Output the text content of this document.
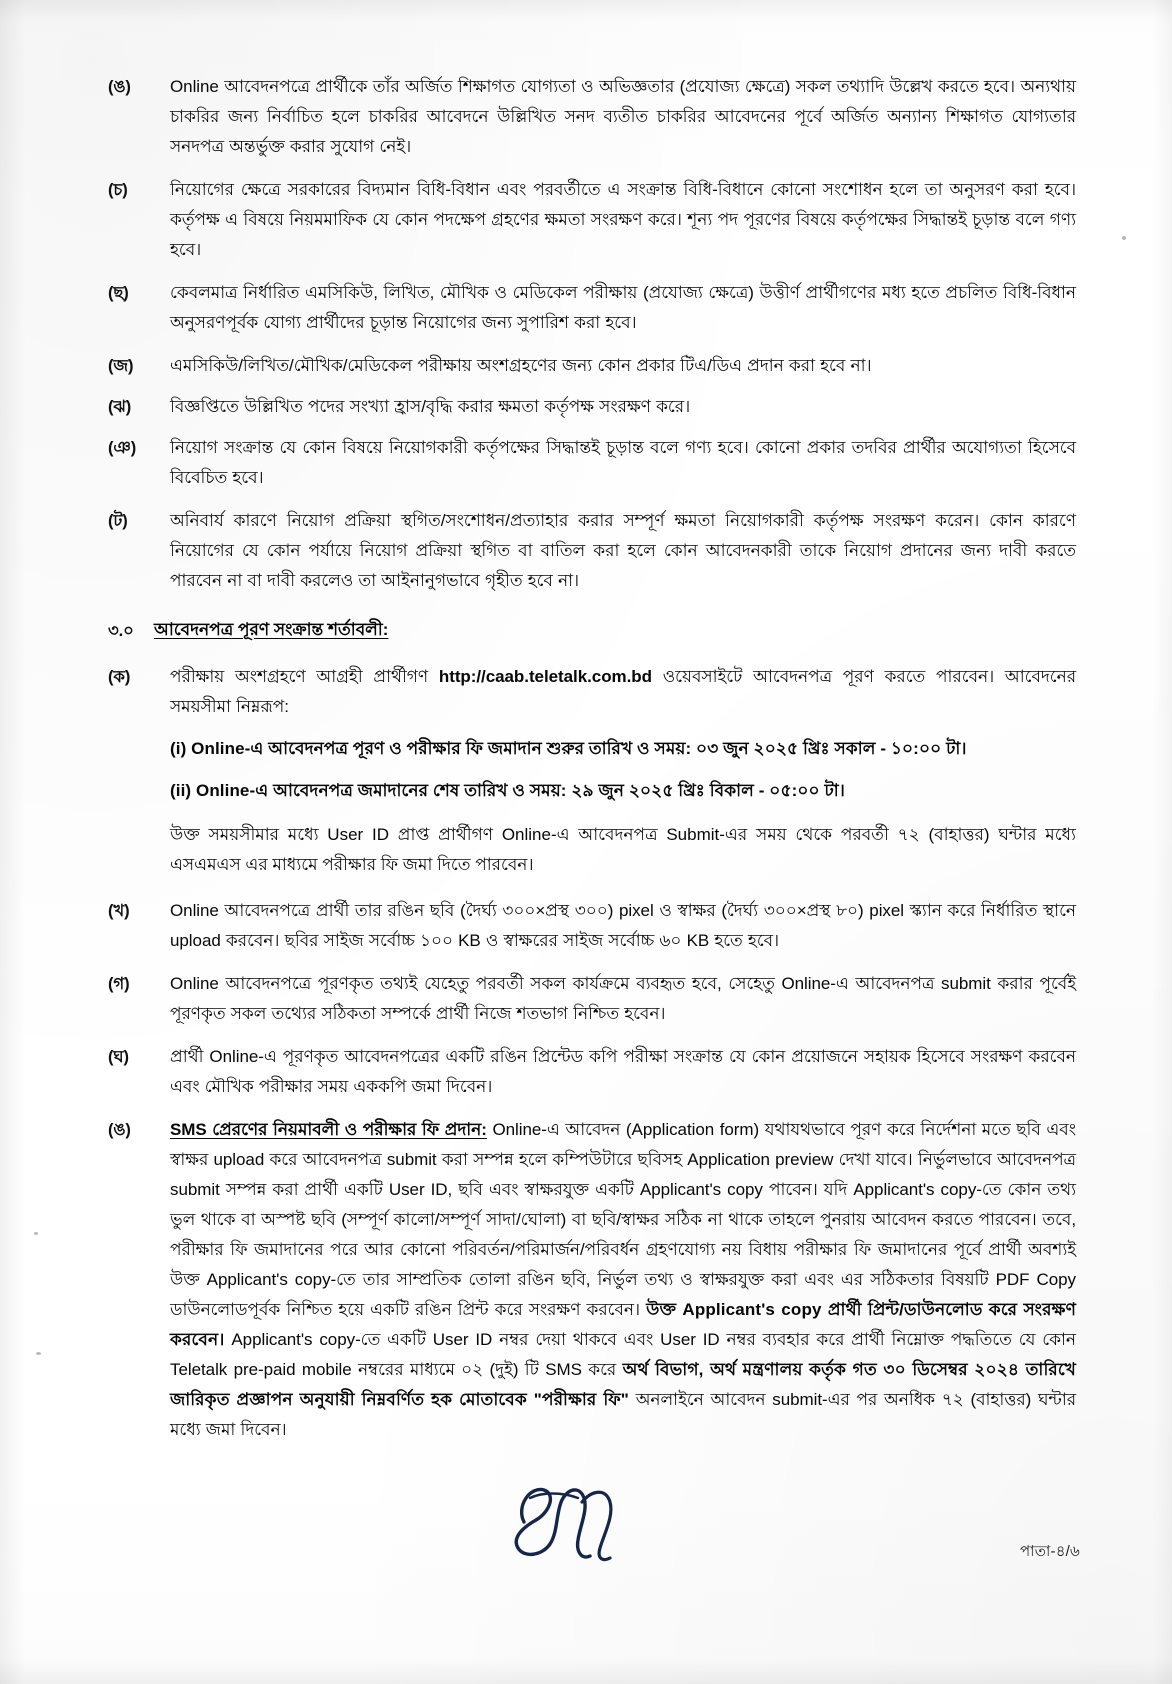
(ঙ)	Online আবেদনপত্রে প্রার্থীকে তাঁর অর্জিত শিক্ষাগত যোগ্যতা ও অভিজ্ঞতার (প্রযোজ্য ক্ষেত্রে) সকল তথ্যাদি উল্লেখ করতে হবে। অন্যথায় চাকরির জন্য নির্বাচিত হলে চাকরির আবেদনে উল্লিখিত সনদ ব্যতীত চাকরির আবেদনের পূর্বে অর্জিত অন্যান্য শিক্ষাগত যোগ্যতার সনদপত্র অন্তর্ভুক্ত করার সুযোগ নেই।
(চ)	নিয়োগের ক্ষেত্রে সরকারের বিদ্যমান বিধি-বিধান এবং পরবর্তীতে এ সংক্রান্ত বিধি-বিধানে কোনো সংশোধন হলে তা অনুসরণ করা হবে। কর্তৃপক্ষ এ বিষয়ে নিয়মমাফিক যে কোন পদক্ষেপ গ্রহণের ক্ষমতা সংরক্ষণ করে। শূন্য পদ পূরণের বিষয়ে কর্তৃপক্ষের সিদ্ধান্তই চূড়ান্ত বলে গণ্য হবে।
(ছ)	কেবলমাত্র নির্ধারিত এমসিকিউ, লিখিত, মৌখিক ও মেডিকেল পরীক্ষায় (প্রযোজ্য ক্ষেত্রে) উত্তীর্ণ প্রার্থীগণের মধ্য হতে প্রচলিত বিধি-বিধান অনুসরণপূর্বক যোগ্য প্রার্থীদের চূড়ান্ত নিয়োগের জন্য সুপারিশ করা হবে।
(জ)	এমসিকিউ/লিখিত/মৌখিক/মেডিকেল পরীক্ষায় অংশগ্রহণের জন্য কোন প্রকার টিএ/ডিএ প্রদান করা হবে না।
(ঝ)	বিজ্ঞপ্তিতে উল্লিখিত পদের সংখ্যা হ্রাস/বৃদ্ধি করার ক্ষমতা কর্তৃপক্ষ সংরক্ষণ করে।
(ঞ)	নিয়োগ সংক্রান্ত যে কোন বিষয়ে নিয়োগকারী কর্তৃপক্ষের সিদ্ধান্তই চূড়ান্ত বলে গণ্য হবে। কোনো প্রকার তদবির প্রার্থীর অযোগ্যতা হিসেবে বিবেচিত হবে।
(ট)	অনিবার্য কারণে নিয়োগ প্রক্রিয়া স্থগিত/সংশোধন/প্রত্যাহার করার সম্পূর্ণ ক্ষমতা নিয়োগকারী কর্তৃপক্ষ সংরক্ষণ করেন। কোন কারণে নিয়োগের যে কোন পর্যায়ে নিয়োগ প্রক্রিয়া স্থগিত বা বাতিল করা হলে কোন আবেদনকারী তাকে নিয়োগ প্রদানের জন্য দাবী করতে পারবেন না বা দাবী করলেও তা আইনানুগভাবে গৃহীত হবে না।
৩.০	আবেদনপত্র পূরণ সংক্রান্ত শর্তাবলী:
(ক)	পরীক্ষায় অংশগ্রহণে আগ্রহী প্রার্থীগণ http://caab.teletalk.com.bd ওয়েবসাইটে আবেদনপত্র পূরণ করতে পারবেন। আবেদনের সময়সীমা নিম্নরূপ:
(i) Online-এ আবেদনপত্র পূরণ ও পরীক্ষার ফি জমাদান শুরুর তারিখ ও সময়: ০৩ জুন ২০২৫ খ্রিঃ সকাল - ১০:০০ টা।
(ii) Online-এ আবেদনপত্র জমাদানের শেষ তারিখ ও সময়: ২৯ জুন ২০২৫ খ্রিঃ বিকাল - ০৫:০০ টা।
উক্ত সময়সীমার মধ্যে User ID প্রাপ্ত প্রার্থীগণ Online-এ আবেদনপত্র Submit-এর সময় থেকে পরবর্তী ৭২ (বাহাত্তর) ঘন্টার মধ্যে এসএমএস এর মাধ্যমে পরীক্ষার ফি জমা দিতে পারবেন।
(খ)	Online আবেদনপত্রে প্রার্থী তার রঙিন ছবি (দৈর্ঘ্য ৩০০×প্রস্থ ৩০০) pixel ও স্বাক্ষর (দৈর্ঘ্য ৩০০×প্রস্থ ৮০) pixel স্ক্যান করে নির্ধারিত স্থানে upload করবেন। ছবির সাইজ সর্বোচ্চ ১০০ KB ও স্বাক্ষরের সাইজ সর্বোচ্চ ৬০ KB হতে হবে।
(গ)	Online আবেদনপত্রে পূরণকৃত তথ্যই যেহেতু পরবর্তী সকল কার্যক্রমে ব্যবহৃত হবে, সেহেতু Online-এ আবেদনপত্র submit করার পূর্বেই পূরণকৃত সকল তথ্যের সঠিকতা সম্পর্কে প্রার্থী নিজে শতভাগ নিশ্চিত হবেন।
(ঘ)	প্রার্থী Online-এ পূরণকৃত আবেদনপত্রের একটি রঙিন প্রিন্টেড কপি পরীক্ষা সংক্রান্ত যে কোন প্রয়োজনে সহায়ক হিসেবে সংরক্ষণ করবেন এবং মৌখিক পরীক্ষার সময় এককপি জমা দিবেন।
(ঙ)	SMS প্রেরণের নিয়মাবলী ও পরীক্ষার ফি প্রদান: Online-এ আবেদন (Application form) যথাযথভাবে পূরণ করে নির্দেশনা মতে ছবি এবং স্বাক্ষর upload করে আবেদনপত্র submit করা সম্পন্ন হলে কম্পিউটারে ছবিসহ Application preview দেখা যাবে। নির্ভুলভাবে আবেদনপত্র submit সম্পন্ন করা প্রার্থী একটি User ID, ছবি এবং স্বাক্ষরযুক্ত একটি Applicant's copy পাবেন। যদি Applicant's copy-তে কোন তথ্য ভুল থাকে বা অস্পষ্ট ছবি (সম্পূর্ণ কালো/সম্পূর্ণ সাদা/ঘোলা) বা ছবি/স্বাক্ষর সঠিক না থাকে তাহলে পুনরায় আবেদন করতে পারবেন। তবে, পরীক্ষার ফি জমাদানের পরে আর কোনো পরিবর্তন/পরিমার্জন/পরিবর্ধন গ্রহণযোগ্য নয় বিধায় পরীক্ষার ফি জমাদানের পূর্বে প্রার্থী অবশ্যই উক্ত Applicant's copy-তে তার সাম্প্রতিক তোলা রঙিন ছবি, নির্ভুল তথ্য ও স্বাক্ষরযুক্ত করা এবং এর সঠিকতার বিষয়টি PDF Copy ডাউনলোডপূর্বক নিশ্চিত হয়ে একটি রঙিন প্রিন্ট করে সংরক্ষণ করবেন। উক্ত Applicant's copy প্রার্থী প্রিন্ট/ডাউনলোড করে সংরক্ষণ করবেন। Applicant's copy-তে একটি User ID নম্বর দেয়া থাকবে এবং User ID নম্বর ব্যবহার করে প্রার্থী নিম্নোক্ত পদ্ধতিতে যে কোন Teletalk pre-paid mobile নম্বরের মাধ্যমে ০২ (দুই) টি SMS করে অর্থ বিভাগ, অর্থ মন্ত্রণালয় কর্তৃক গত ৩০ ডিসেম্বর ২০২৪ তারিখে জারিকৃত প্রজ্ঞাপন অনুযায়ী নিম্নবর্ণিত হক মোতাবেক "পরীক্ষার ফি" অনলাইনে আবেদন submit-এর পর অনধিক ৭২ (বাহাত্তর) ঘন্টার মধ্যে জমা দিবেন।
পাতা-৪/৬
